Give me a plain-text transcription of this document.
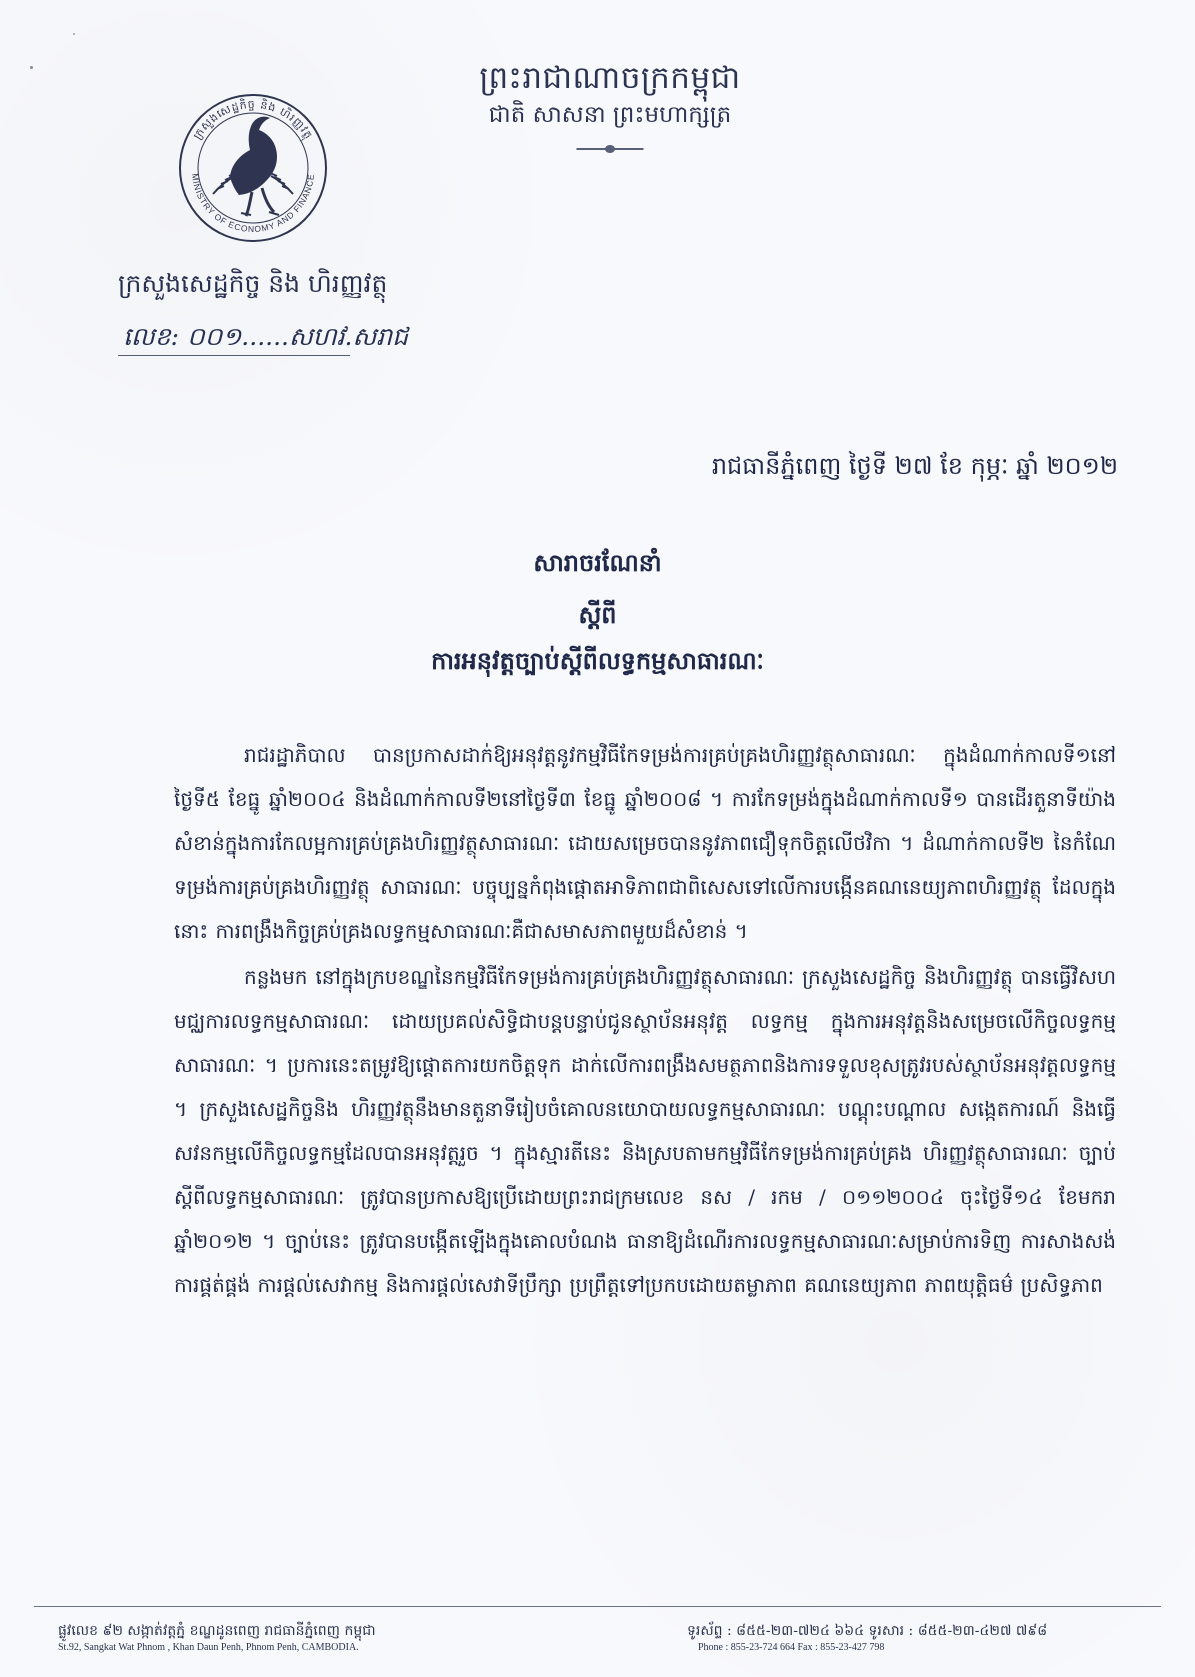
ព្រះរាជាណាចក្រកម្ពុជា
ជាតិ សាសនា ព្រះមហាក្សត្រ
ក្រសួងសេដ្ឋកិច្ច និង ហិរញ្ញវត្ថុ
MINISTRY OF ECONOMY AND FINANCE
ក្រសួងសេដ្ឋកិច្ច និង ហិរញ្ញវត្ថុ
លេខ: ០០១......សហវ.សរាជ
រាជធានីភ្នំពេញ ថ្ងៃទី ២៧ ខែ កុម្ភៈ ឆ្នាំ ២០១២
សារាចរណែនាំ
ស្តីពី
ការអនុវត្តច្បាប់ស្តីពីលទ្ធកម្មសាធារណៈ

រាជរដ្ឋាភិបាល បានប្រកាសដាក់ឱ្យអនុវត្តនូវកម្មវិធីកែទម្រង់ការគ្រប់គ្រងហិរញ្ញវត្ថុសាធារណៈ ក្នុងដំណាក់កាលទី១នៅថ្ងៃទី៥ ខែធ្នូ ឆ្នាំ២០០៤ និងដំណាក់កាលទី២នៅថ្ងៃទី៣ ខែធ្នូ ឆ្នាំ២០០៨ ។ ការកែទម្រង់ក្នុងដំណាក់កាលទី១ បានដើរតួនាទីយ៉ាងសំខាន់ក្នុងការកែលម្អការគ្រប់គ្រងហិរញ្ញវត្ថុសាធារណៈ ដោយសម្រេចបាននូវភាពជឿទុកចិត្តលើថវិកា ។ ដំណាក់កាលទី២ នៃកំណែទម្រង់ការគ្រប់គ្រងហិរញ្ញវត្ថុ សាធារណៈ បច្ចុប្បន្នកំពុងផ្តោតអាទិភាពជាពិសេសទៅលើការបង្កើនគណនេយ្យភាពហិរញ្ញវត្ថុ ដែលក្នុង នោះ ការពង្រឹងកិច្ចគ្រប់គ្រងលទ្ធកម្មសាធារណៈគឺជាសមាសភាពមួយដ៏សំខាន់ ។

កន្លងមក នៅក្នុងក្របខណ្ឌនៃកម្មវិធីកែទម្រង់ការគ្រប់គ្រងហិរញ្ញវត្ថុសាធារណៈ ក្រសួងសេដ្ឋកិច្ច និងហិរញ្ញវត្ថុ បានធ្វើវិសហមជ្ឈការលទ្ធកម្មសាធារណៈ ដោយប្រគល់សិទ្ធិជាបន្តបន្ទាប់ជូនស្ថាប័នអនុវត្ត លទ្ធកម្ម ក្នុងការអនុវត្តនិងសម្រេចលើកិច្ចលទ្ធកម្មសាធារណៈ ។ ប្រការនេះតម្រូវឱ្យផ្តោតការយកចិត្តទុក ដាក់លើការពង្រឹងសមត្ថភាពនិងការទទួលខុសត្រូវរបស់ស្ថាប័នអនុវត្តលទ្ធកម្ម ។ ក្រសួងសេដ្ឋកិច្ចនិង ហិរញ្ញវត្ថុនឹងមានតួនាទីរៀបចំគោលនយោបាយលទ្ធកម្មសាធារណៈ បណ្តុះបណ្តាល សង្កេតការណ៍ និងធ្វើ សវនកម្មលើកិច្ចលទ្ធកម្មដែលបានអនុវត្តរួច ។ ក្នុងស្មារតីនេះ និងស្របតាមកម្មវិធីកែទម្រង់ការគ្រប់គ្រង ហិរញ្ញវត្ថុសាធារណៈ ច្បាប់ស្តីពីលទ្ធកម្មសាធារណៈ ត្រូវបានប្រកាសឱ្យប្រើដោយព្រះរាជក្រមលេខ នស / រកម / ០១១២០០៤ ចុះថ្ងៃទី១៤ ខែមករា ឆ្នាំ២០១២ ។ ច្បាប់នេះ ត្រូវបានបង្កើតឡើងក្នុងគោលបំណង ធានាឱ្យដំណើរការលទ្ធកម្មសាធារណៈសម្រាប់ការទិញ ការសាងសង់ ការផ្គត់ផ្គង់ ការផ្តល់សេវាកម្ម និងការផ្តល់សេវាទីប្រឹក្សា ប្រព្រឹត្តទៅប្រកបដោយតម្លាភាព គណនេយ្យភាព ភាពយុត្តិធម៌ ប្រសិទ្ធភាព

ផ្លូវលេខ ៩២ សង្កាត់វត្តភ្នំ ខណ្ឌដូនពេញ រាជធានីភ្នំពេញ កម្ពុជា	ទូរស័ព្ទ : ៨៥៥-២៣-៧២៤ ៦៦៤ ទូរសារ : ៨៥៥-២៣-៤២៧ ៧៩៨
St.92, Sangkat Wat Phnom , Khan Daun Penh, Phnom Penh, CAMBODIA.	Phone : 855-23-724 664 Fax : 855-23-427 798
